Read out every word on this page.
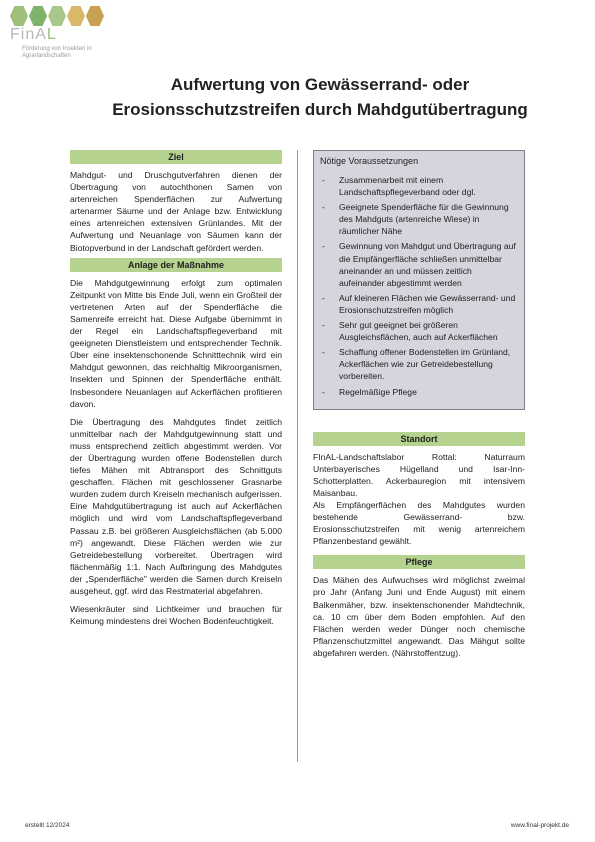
FinAL
Förderung von Insekten in Agrarlandschaften
Aufwertung von Gewässerrand- oder Erosionsschutzstreifen durch Mahdgutübertragung
Ziel

Mahdgut- und Druschgutverfahren dienen der Übertragung von autochthonen Samen von artenreichen Spenderflächen zur Aufwertung artenarmer Säume und der Anlage bzw. Entwicklung eines artenreichen extensiven Grünlandes. Mit der Aufwertung und Neuanlage von Säumen kann der Biotopverbund in der Landschaft gefördert werden.

Anlage der Maßnahme

Die Mahdgutgewinnung erfolgt zum optimalen Zeitpunkt von Mitte bis Ende Juli, wenn ein Großteil der vertretenen Arten auf der Spenderfläche die Samenreife erreicht hat. Diese Aufgabe übernimmt in der Regel ein Landschaftspflegeverband mit geeigneten Dienstleistern und entsprechender Technik. Über eine insektenschonende Schnitttechnik wird ein Mahdgut gewonnen, das reichhaltig Mikroorganismen, Insekten und Spinnen der Spenderfläche enthält. Insbesondere Neuanlagen auf Ackerflächen profitieren davon.

Die Übertragung des Mahdgutes findet zeitlich unmittelbar nach der Mahdgutgewinnung statt und muss entsprechend zeitlich abgestimmt werden. Vor der Übertragung wurden offene Bodenstellen durch tiefes Mähen mit Abtransport des Schnittguts geschaffen. Flächen mit geschlossener Grasnarbe wurden zudem durch Kreiseln mechanisch aufgerissen. Eine Mahdgutübertragung ist auch auf Ackerflächen möglich und wird vom Landschaftspflegeverband Passau z.B. bei größeren Ausgleichsflächen (ab 5.000 m²) angewandt. Diese Flächen werden wie zur Getreidebestellung vorbereitet. Übertragen wird flächenmäßig 1:1. Nach Aufbringung des Mahdgutes der „Spenderfläche" werden die Samen durch Kreiseln ausgeheut, ggf. wird das Restmaterial abgefahren.

Wiesenkräuter sind Lichtkeimer und brauchen für Keimung mindestens drei Wochen Bodenfeuchtigkeit.

Nötige Voraussetzungen
- Zusammenarbeit mit einem Landschaftspflegeverband oder dgl.
- Geeignete Spenderfläche für die Gewinnung des Mahdguts (artenreiche Wiese) in räumlicher Nähe
- Gewinnung von Mahdgut und Übertragung auf die Empfängerfläche schließen unmittelbar aneinander an und müssen zeitlich aufeinander abgestimmt werden
- Auf kleineren Flächen wie Gewässerrand- und Erosionschutzstreifen möglich
- Sehr gut geeignet bei größeren Ausgleichsflächen, auch auf Ackerflächen
- Schaffung offener Bodenstellen im Grünland, Ackerflächen wie zur Getreidebestellung vorbereiten.
- Regelmäßige Pflege
Standort

FInAL-Landschaftslabor Rottal: Naturraum Unterbayerisches Hügelland und Isar-Inn-Schotterplatten. Ackerbauregion mit intensivem Maisanbau.

Als Empfängerflächen des Mahdgutes wurden bestehende Gewässerrand- bzw. Erosionsschutzstreifen mit wenig artenreichem Pflanzenbestand gewählt.

Pflege

Das Mähen des Aufwuchses wird möglichst zweimal pro Jahr (Anfang Juni und Ende August) mit einem Balkenmäher, bzw. insektenschonender Mahdtechnik, ca. 10 cm über dem Boden empfohlen. Auf den Flächen werden weder Dünger noch chemische Pflanzenschutzmittel angewandt. Das Mähgut sollte abgefahren werden. (Nährstoffentzug).

erstellt 12/2024	www.final-projekt.de
